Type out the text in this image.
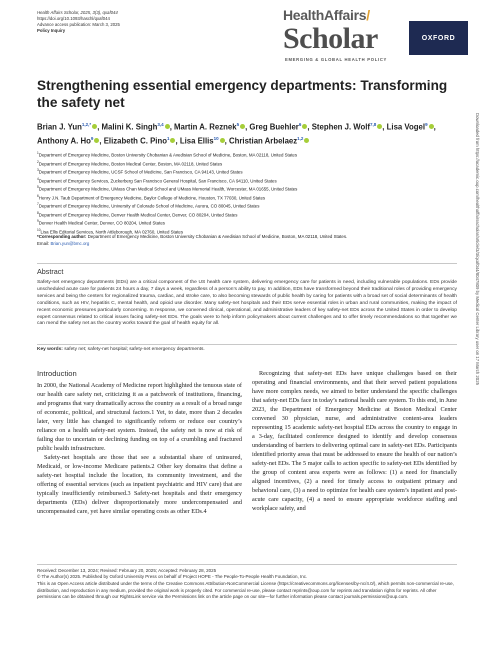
Health Affairs Scholar, 2025, 3(3), qxaf044
https://doi.org/10.1093/haschl/qxaf044
Advance access publication: March 3, 2025
Policy Inquiry
HealthAffairs/
Scholar	OXFORD
EMERGING & GLOBAL HEALTH POLICY
Strengthening essential emergency departments: Transforming the safety net
Brian J. Yun$^{1,2,*}$ , Malini K. Singh$^{3,4}$ , Martin A. Reznek$^5$ , Greg Buehler$^6$ , Stephen J. Wolf$^{7,8}$ , Lisa Vogel$^9$ , Anthony A. Ho$^9$ , Elizabeth C. Pino$^1$ , Lisa Ellis$^{10}$ , Christian Arbelaez$^{1,2}$
$^1$Department of Emergency Medicine, Boston University Chobanian & Avedisian School of Medicine, Boston, MA 02118, United States
$^2$Department of Emergency Medicine, Boston Medical Center, Boston, MA 02118, United States
$^3$Department of Emergency Medicine, UCSF School of Medicine, San Francisco, CA 94143, United States
$^4$Department of Emergency Services, Zuckerberg San Francisco General Hospital, San Francisco, CA 94110, United States
$^5$Department of Emergency Medicine, UMass Chan Medical School and UMass Memorial Health, Worcester, MA 01655, United States
$^6$Henry J.N. Taub Department of Emergency Medicine, Baylor College of Medicine, Houston, TX 77030, United States
$^7$Department of Emergency Medicine, University of Colorado School of Medicine, Aurora, CO 80045, United States
$^8$Department of Emergency Medicine, Denver Health Medical Center, Denver, CO 80204, United States
$^9$Denver Health Medical Center, Denver, CO 80204, United States
$^{10}$Lisa Ellis Editorial Services, North Attleborough, MA 02760, United States
*Corresponding author: Department of Emergency Medicine, Boston University Chobanian & Avedisian School of Medicine, Boston, MA 02118, United States.
Email: Brian.yun@bmc.org
Abstract

Safety-net emergency departments (EDs) are a critical component of the US health care system, delivering emergency care for patients in need, including vulnerable populations. EDs provide unscheduled acute care for patients 24 hours a day, 7 days a week, regardless of a person’s ability to pay. In addition, EDs have transformed beyond their traditional roles of providing emergency services and being the centers for regionalized trauma, cardiac, and stroke care, to also becoming stewards of public health by caring for patients with a broad set of social determinants of health conditions, such as HIV, hepatitis C, mental health, and opioid use disorder. Many safety-net hospitals and their EDs serve essential roles in urban and rural communities, making the impact of recent economic pressures particularly concerning. In response, we convened clinical, operational, and administrative leaders of key safety-net EDs across the United States in order to develop expert consensus related to critical issues facing safety-net EDs. The goals were to help inform policymakers about current challenges and to offer timely recommendations so that together we can mend the safety net as the country works toward the goal of health equity for all.

Key words: safety net; safety-net hospital; safety-net emergency departments.
Introduction

In 2000, the National Academy of Medicine report highlighted the tenuous state of our health care safety net, criticizing it as a patchwork of institutions, financing, and programs that vary dramatically across the country as a result of a broad range of economic, political, and structural factors.1 Yet, to date, more than 2 decades later, very little has changed to significantly reform or reduce our country’s reliance on a health safety-net system. Instead, the safety net is now at risk of failing due to uncertain or declining funding on top of a crumbling and fractured public health infrastructure.

Safety-net hospitals are those that see a substantial share of uninsured, Medicaid, or low-income Medicare patients.2 Other key domains that define a safety-net hospital include the location, its community investment, and the offering of essential services (such as inpatient psychiatric and HIV care) that are typically insufficiently reimbursed.3 Safety-net hospitals and their emergency departments (EDs) deliver disproportionately more undercompensated and uncompensated care, yet have similar operating costs as other EDs.4

Recognizing that safety-net EDs have unique challenges based on their operating and financial environments, and that their served patient populations have more complex needs, we aimed to better understand the specific challenges that safety-net EDs face in today’s national health care system. To this end, in June 2023, the Department of Emergency Medicine at Boston Medical Center convened 30 physician, nurse, and administrative content-area leaders representing 15 academic safety-net hospital EDs across the country to engage in a 3-day, facilitated conference designed to identify and develop consensus understanding of barriers to delivering optimal care in safety-net EDs. Participants identified priority areas that must be addressed to ensure the health of our nation’s safety-net EDs. The 5 major calls to action specific to safety-net EDs identified by the group of content area experts were as follows: (1) a need for financially aligned incentives, (2) a need for timely access to outpatient primary and behavioral care, (3) a need to optimize for health care system’s inpatient and post-acute care capacity, (4) a need to ensure appropriate workforce staffing and workplace safety, and

Received: December 13, 2024; Revised: February 20, 2025; Accepted: February 28, 2025

© The Author(s) 2025. Published by Oxford University Press on behalf of Project HOPE - The People-To-People Health Foundation, Inc.

This is an Open Access article distributed under the terms of the Creative Commons Attribution-NonCommercial License (https://creativecommons.org/licenses/by-nc/4.0/), which permits non-commercial re-use, distribution, and reproduction in any medium, provided the original work is properly cited. For commercial re-use, please contact reprints@oup.com for reprints and translation rights for reprints. All other permissions can be obtained through our RightsLink service via the Permissions link on the article page on our site—for further information please contact journals.permissions@oup.com.

Downloaded from https://academic.oup.com/healthaffairsscholar/article/3/3/qxaf044/8047809 by Medical Center Library user on 17 March 2025
